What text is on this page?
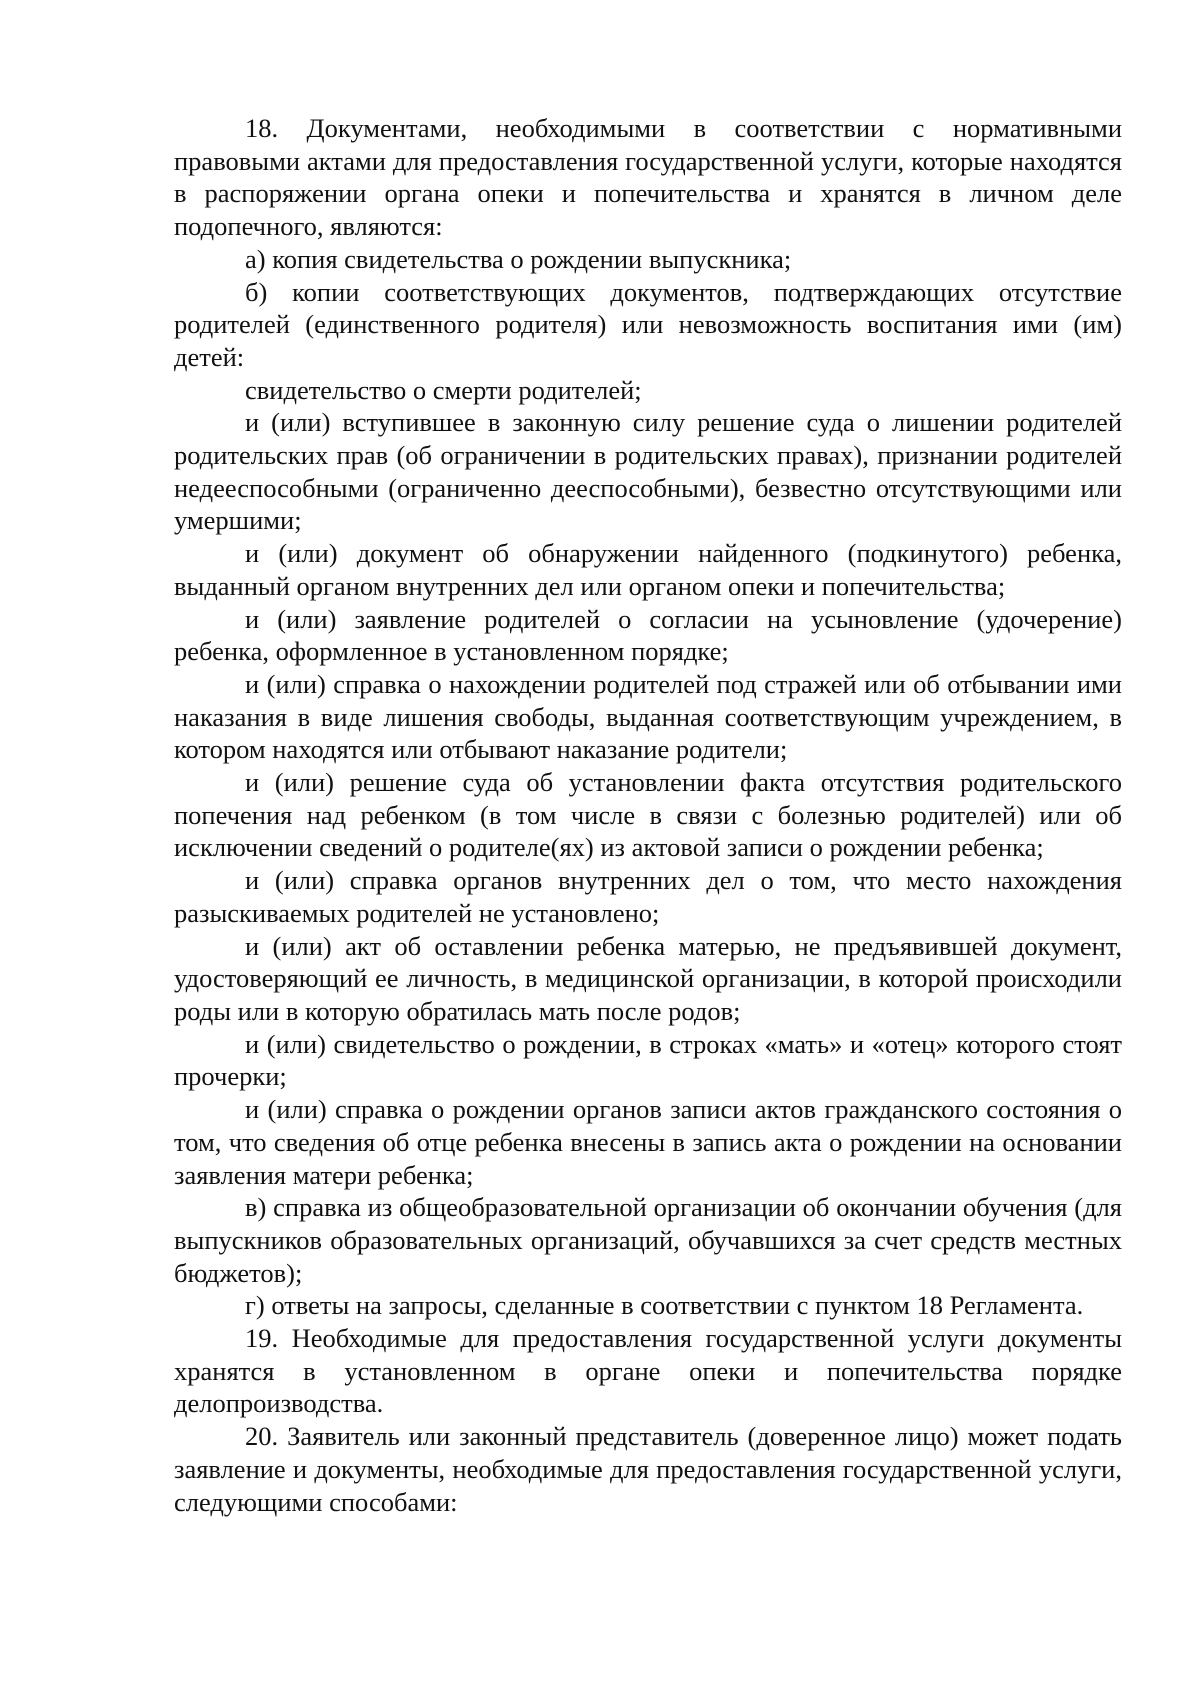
18. Документами, необходимыми в соответствии с нормативными правовыми актами для предоставления государственной услуги, которые находятся в распоряжении органа опеки и попечительства и хранятся в личном деле подопечного, являются:

а) копия свидетельства о рождении выпускника;

б) копии соответствующих документов, подтверждающих отсутствие родителей (единственного родителя) или невозможность воспитания ими (им) детей:

свидетельство о смерти родителей;

и (или) вступившее в законную силу решение суда о лишении родителей родительских прав (об ограничении в родительских правах), признании родителей недееспособными (ограниченно дееспособными), безвестно отсутствующими или умершими;

и (или) документ об обнаружении найденного (подкинутого) ребенка, выданный органом внутренних дел или органом опеки и попечительства;

и (или) заявление родителей о согласии на усыновление (удочерение) ребенка, оформленное в установленном порядке;

и (или) справка о нахождении родителей под стражей или об отбывании ими наказания в виде лишения свободы, выданная соответствующим учреждением, в котором находятся или отбывают наказание родители;

и (или) решение суда об установлении факта отсутствия родительского попечения над ребенком (в том числе в связи с болезнью родителей) или об исключении сведений о родителе(ях) из актовой записи о рождении ребенка;

и (или) справка органов внутренних дел о том, что место нахождения разыскиваемых родителей не установлено;

и (или) акт об оставлении ребенка матерью, не предъявившей документ, удостоверяющий ее личность, в медицинской организации, в которой происходили роды или в которую обратилась мать после родов;

и (или) свидетельство о рождении, в строках «мать» и «отец» которого стоят прочерки;

и (или) справка о рождении органов записи актов гражданского состояния о том, что сведения об отце ребенка внесены в запись акта о рождении на основании заявления матери ребенка;

в) справка из общеобразовательной организации об окончании обучения (для выпускников образовательных организаций, обучавшихся за счет средств местных бюджетов);

г) ответы на запросы, сделанные в соответствии с пунктом 18 Регламента.

19. Необходимые для предоставления государственной услуги документы хранятся в установленном в органе опеки и попечительства порядке делопроизводства.

20. Заявитель или законный представитель (доверенное лицо) может подать заявление и документы, необходимые для предоставления государственной услуги, следующими способами:
